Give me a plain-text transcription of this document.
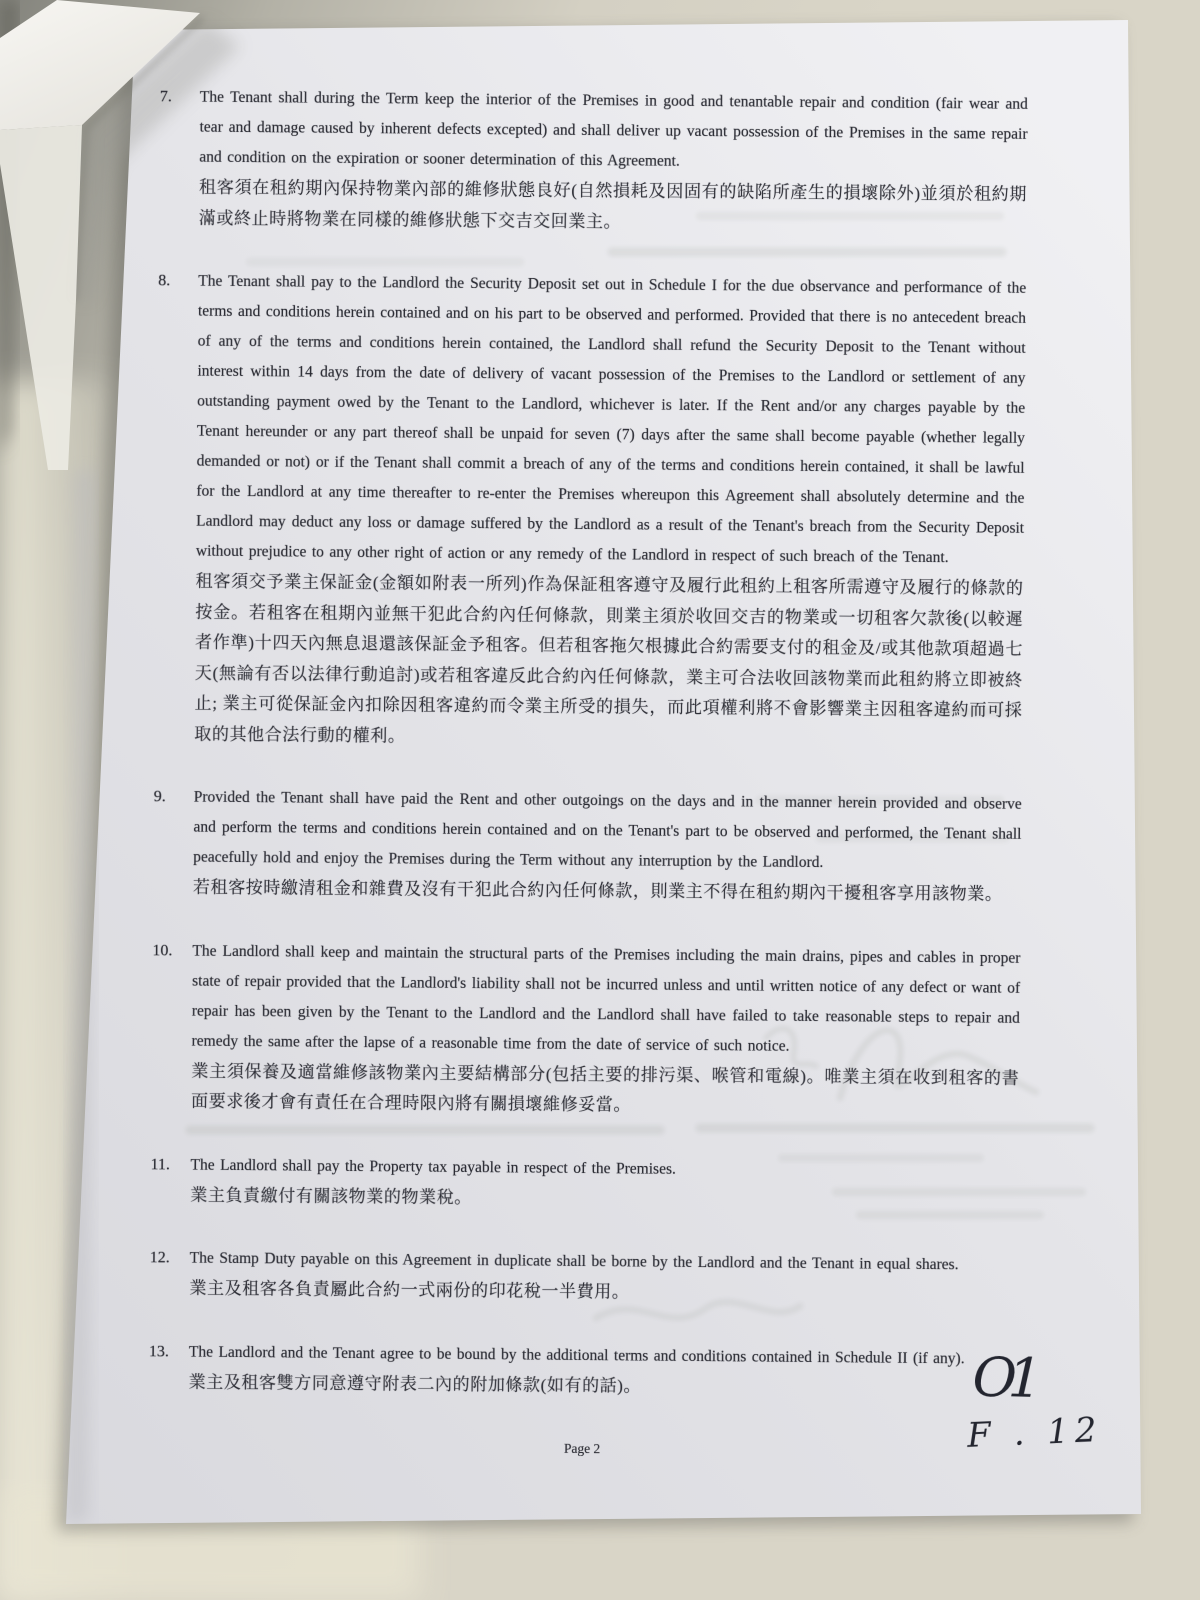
7.	The Tenant shall during the Term keep the interior of the Premises in good and tenantable repair and condition (fair wear and tear and damage caused by inherent defects excepted) and shall deliver up vacant possession of the Premises in the same repair and condition on the expiration or sooner determination of this Agreement.
租客須在租約期內保持物業內部的維修狀態良好(自然損耗及因固有的缺陷所產生的損壞除外)並須於租約期滿或終止時將物業在同樣的維修狀態下交吉交回業主。
8.	The Tenant shall pay to the Landlord the Security Deposit set out in Schedule I for the due observance and performance of the terms and conditions herein contained and on his part to be observed and performed. Provided that there is no antecedent breach of any of the terms and conditions herein contained, the Landlord shall refund the Security Deposit to the Tenant without interest within 14 days from the date of delivery of vacant possession of the Premises to the Landlord or settlement of any outstanding payment owed by the Tenant to the Landlord, whichever is later. If the Rent and/or any charges payable by the Tenant hereunder or any part thereof shall be unpaid for seven (7) days after the same shall become payable (whether legally demanded or not) or if the Tenant shall commit a breach of any of the terms and conditions herein contained, it shall be lawful for the Landlord at any time thereafter to re-enter the Premises whereupon this Agreement shall absolutely determine and the Landlord may deduct any loss or damage suffered by the Landlord as a result of the Tenant's breach from the Security Deposit without prejudice to any other right of action or any remedy of the Landlord in respect of such breach of the Tenant.
租客須交予業主保証金(金額如附表一所列)作為保証租客遵守及履行此租約上租客所需遵守及履行的條款的按金。若租客在租期內並無干犯此合約內任何條款，則業主須於收回交吉的物業或一切租客欠款後(以較遲者作準)十四天內無息退還該保証金予租客。但若租客拖欠根據此合約需要支付的租金及/或其他款項超過七天(無論有否以法律行動追討)或若租客違反此合約內任何條款，業主可合法收回該物業而此租約將立即被終止; 業主可從保証金內扣除因租客違約而令業主所受的損失，而此項權利將不會影響業主因租客違約而可採取的其他合法行動的權利。
9.	Provided the Tenant shall have paid the Rent and other outgoings on the days and in the manner herein provided and observe and perform the terms and conditions herein contained and on the Tenant's part to be observed and performed, the Tenant shall peacefully hold and enjoy the Premises during the Term without any interruption by the Landlord.
若租客按時繳清租金和雜費及沒有干犯此合約內任何條款，則業主不得在租約期內干擾租客享用該物業。
10.	The Landlord shall keep and maintain the structural parts of the Premises including the main drains, pipes and cables in proper state of repair provided that the Landlord's liability shall not be incurred unless and until written notice of any defect or want of repair has been given by the Tenant to the Landlord and the Landlord shall have failed to take reasonable steps to repair and remedy the same after the lapse of a reasonable time from the date of service of such notice.
業主須保養及適當維修該物業內主要結構部分(包括主要的排污渠、喉管和電線)。唯業主須在收到租客的書面要求後才會有責任在合理時限內將有關損壞維修妥當。
11.	The Landlord shall pay the Property tax payable in respect of the Premises.
業主負責繳付有關該物業的物業稅。
12.	The Stamp Duty payable on this Agreement in duplicate shall be borne by the Landlord and the Tenant in equal shares.
業主及租客各負責屬此合約一式兩份的印花稅一半費用。
13.	The Landlord and the Tenant agree to be bound by the additional terms and conditions contained in Schedule II (if any).
業主及租客雙方同意遵守附表二內的附加條款(如有的話)。
Page 2
O1
F . 12
